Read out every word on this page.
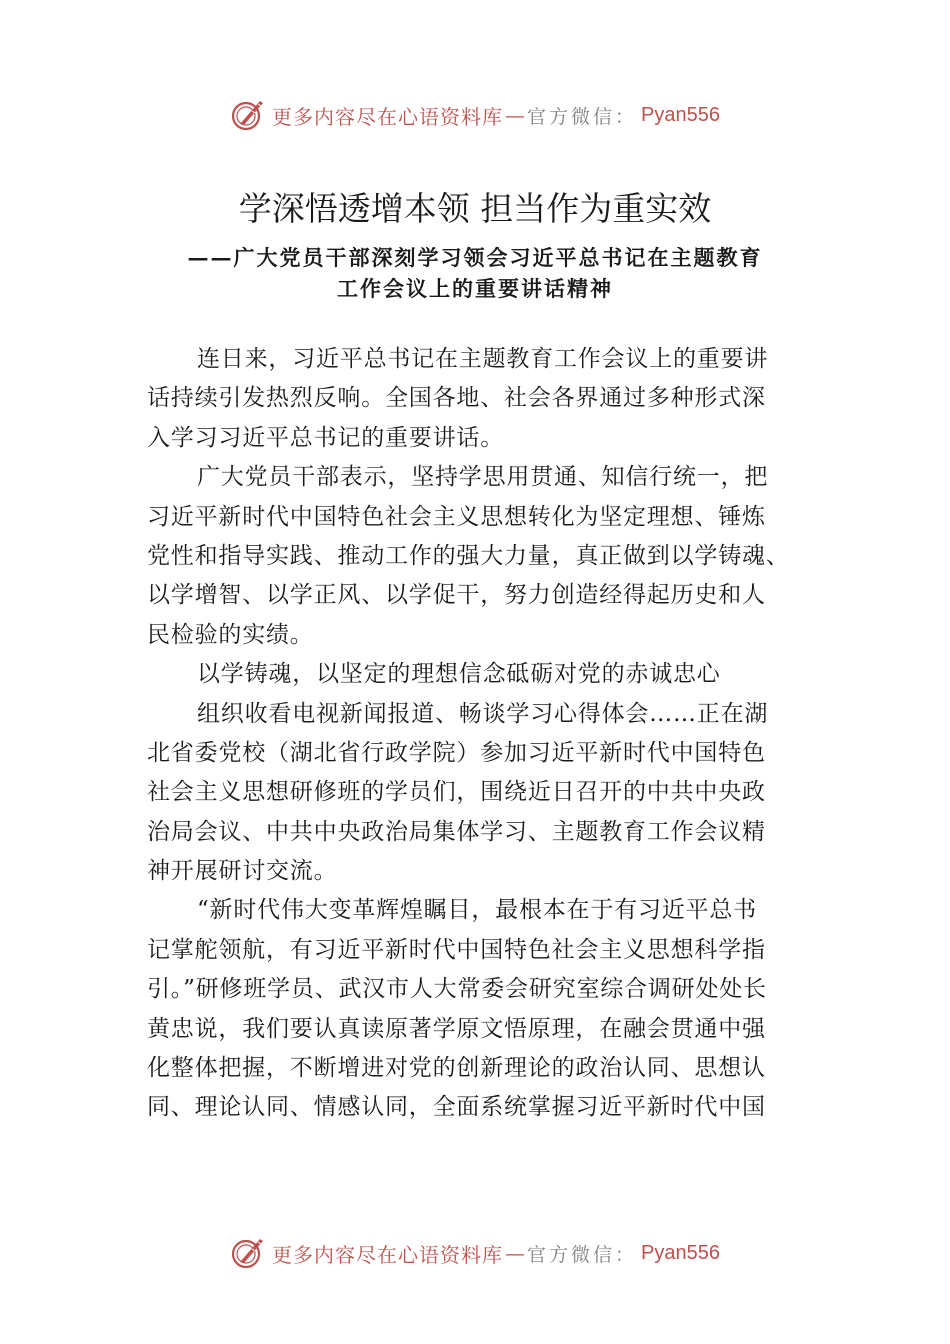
更多内容尽在心语资料库 — 官方微信： Pyan556
学深悟透增本领 担当作为重实效
——广大党员干部深刻学习领会习近平总书记在主题教育
工作会议上的重要讲话精神
连日来，习近平总书记在主题教育工作会议上的重要讲
话持续引发热烈反响。全国各地、社会各界通过多种形式深
入学习习近平总书记的重要讲话。
广大党员干部表示，坚持学思用贯通、知信行统一，把
习近平新时代中国特色社会主义思想转化为坚定理想、锤炼
党性和指导实践、推动工作的强大力量，真正做到以学铸魂、
以学增智、以学正风、以学促干，努力创造经得起历史和人
民检验的实绩。
以学铸魂，以坚定的理想信念砥砺对党的赤诚忠心
组织收看电视新闻报道、畅谈学习心得体会……正在湖
北省委党校（湖北省行政学院）参加习近平新时代中国特色
社会主义思想研修班的学员们，围绕近日召开的中共中央政
治局会议、中共中央政治局集体学习、主题教育工作会议精
神开展研讨交流。
“新时代伟大变革辉煌瞩目，最根本在于有习近平总书
记掌舵领航，有习近平新时代中国特色社会主义思想科学指
引。”研修班学员、武汉市人大常委会研究室综合调研处处长
黄忠说，我们要认真读原著学原文悟原理，在融会贯通中强
化整体把握，不断增进对党的创新理论的政治认同、思想认
同、理论认同、情感认同，全面系统掌握习近平新时代中国
更多内容尽在心语资料库 — 官方微信： Pyan556
